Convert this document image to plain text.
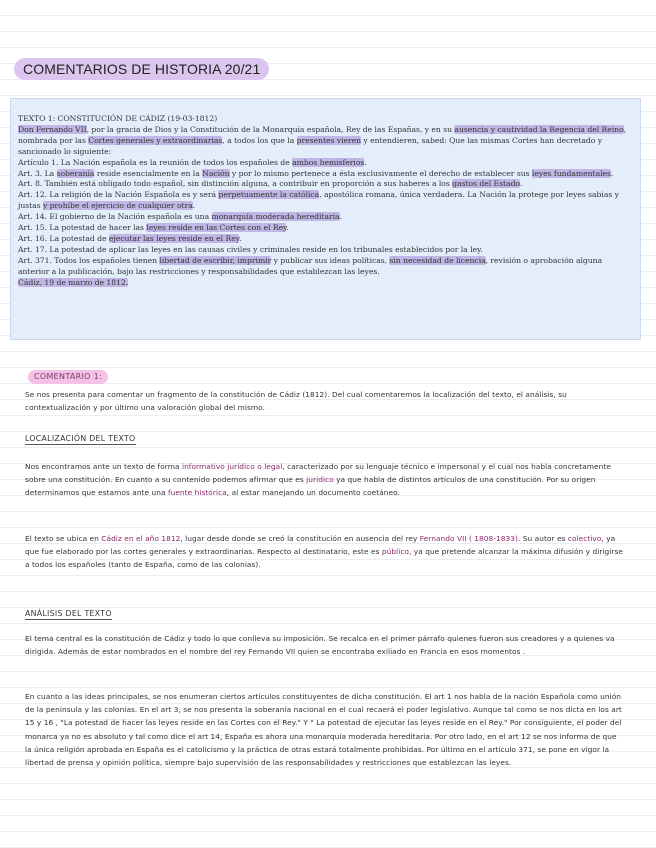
COMENTARIOS DE HISTORIA 20/21

TEXTO 1: CONSTITUCIÓN DE CÁDIZ (19-03-1812)

Don Fernando VII, por la gracia de Dios y la Constitución de la Monarquía española, Rey de las Españas, y en su ausencia y cautividad la Regencia del Reino, nombrada por las Cortes generales y extraordinarias, a todos los que la presentes vieren y entendieren, sabed: Que las mismas Cortes han decretado y sancionado lo siguiente:

Artículo 1. La Nación española es la reunión de todos los españoles de ambos hemisferios.

Art. 3. La soberanía reside esencialmente en la Nación y por lo mismo pertenece a ésta exclusivamente el derecho de establecer sus leyes fundamentales.

Art. 8. También está obligado todo español, sin distinción alguna, a contribuir en proporción a sus haberes a los gastos del Estado.

Art. 12. La religión de la Nación Española es y será perpetuamente la católica, apostólica romana, única verdadera. La Nación la protege por leyes sabias y justas y prohíbe el ejercicio de cualquier otra.

Art. 14. El gobierno de la Nación española es una monarquía moderada hereditaria.

Art. 15. La potestad de hacer las leyes reside en las Cortes con el Rey.

Art. 16. La potestad de ejecutar las leyes reside en el Rey.

Art. 17. La potestad de aplicar las leyes en las causas civiles y criminales reside en los tribunales establecidos por la ley.

Art. 371. Todos los españoles tienen libertad de escribir, imprimir y publicar sus ideas políticas, sin necesidad de licencia, revisión o aprobación alguna anterior a la publicación, bajo las restricciones y responsabilidades que establezcan las leyes.

Cádiz, 19 de marzo de 1812.

COMENTARIO 1:

Se nos presenta para comentar un fragmento de la constitución de Cádiz (1812). Del cual comentaremos la localización del texto, el análisis, su contextualización y por último una valoración global del mismo.

LOCALIZACIÓN DEL TEXTO

Nos encontramos ante un texto de forma informativo jurídico o legal, caracterizado por su lenguaje técnico e impersonal y el cual nos habla concretamente sobre una constitución. En cuanto a su contenido podemos afirmar que es jurídico ya que habla de distintos artículos de una constitución. Por su origen determinamos que estamos ante una fuente histórica, al estar manejando un documento coetáneo.

El texto se ubica en Cádiz en el año 1812, lugar desde donde se creó la constitución en ausencia del rey Fernando VII ( 1808-1833). Su autor es colectivo, ya que fue elaborado por las cortes generales y extraordinarias. Respecto al destinatario, este es público, ya que pretende alcanzar la máxima difusión y dirigirse a todos los españoles (tanto de España, como de las colonias).

ANÁLISIS DEL TEXTO

El tema central es la constitución de Cádiz y todo lo que conlleva su imposición. Se recalca en el primer párrafo quienes fueron sus creadores y a quienes va dirigida. Además de estar nombrados en el nombre del rey Fernando VII quien se encontraba exiliado en Francia en esos momentos .

En cuanto a las ideas principales, se nos enumeran ciertos artículos constituyentes de dicha constitución. El art 1 nos habla de la nación Española como unión de la península y las colonias. En el art 3, se nos presenta la soberanía nacional en el cual recaerá el poder legislativo. Aunque tal como se nos dicta en los art 15 y 16 , "La potestad de hacer las leyes reside en las Cortes con el Rey." Y " La potestad de ejecutar las leyes reside en el Rey." Por consiguiente, el poder del monarca ya no es absoluto y tal como dice el art 14, España es ahora una monarquía moderada hereditaria. Por otro lado, en el art 12 se nos informa de que la única religión aprobada en España es el catolicismo y la práctica de otras estará totalmente prohibidas. Por último en el artículo 371, se pone en vigor la libertad de prensa y opinión política, siempre bajo supervisión de las responsabilidades y restricciones que establezcan las leyes.
